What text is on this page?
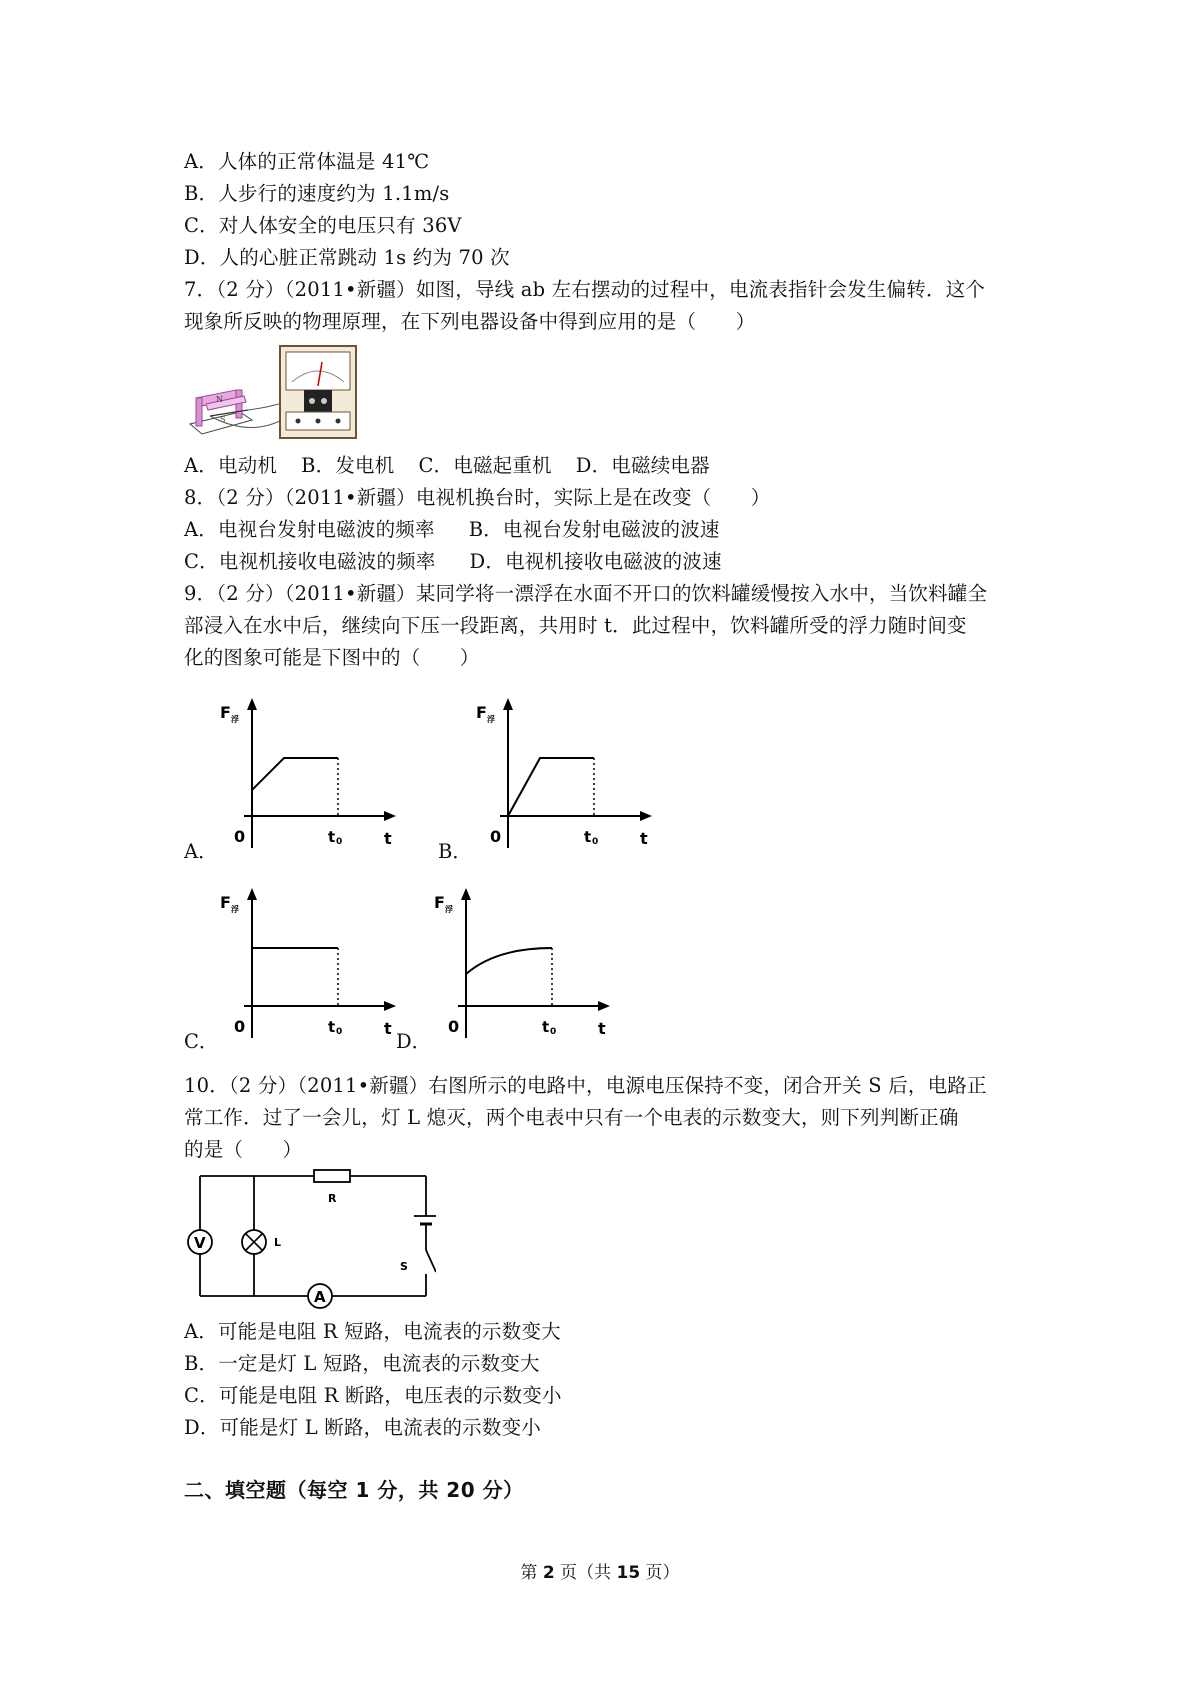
A．人体的正常体温是 41℃
B．人步行的速度约为 1.1m/s
C．对人体安全的电压只有 36V
D．人的心脏正常跳动 1s 约为 70 次
7．（2 分）（2011•新疆）如图，导线 ab 左右摆动的过程中，电流表指针会发生偏转．这个
现象所反映的物理原理，在下列电器设备中得到应用的是（　　）
N
S
A．电动机 B．发电机 C．电磁起重机 D．电磁续电器
8．（2 分）（2011•新疆）电视机换台时，实际上是在改变（　　）
A．电视台发射电磁波的频率 B．电视台发射电磁波的波速
C．电视机接收电磁波的频率 D．电视机接收电磁波的波速
9．（2 分）（2011•新疆）某同学将一漂浮在水面不开口的饮料罐缓慢按入水中，当饮料罐全
部浸入在水中后，继续向下压一段距离，共用时 t．此过程中，饮料罐所受的浮力随时间变
化的图象可能是下图中的（　　）
A．
F 浮
0	t 0	t
B．
F 浮
0	t 0	t
C．
F 浮
0	t 0	t
D．
F 浮
0	t 0	t
10．（2 分）（2011•新疆）右图所示的电路中，电源电压保持不变，闭合开关 S 后，电路正
常工作．过了一会儿，灯 L 熄灭，两个电表中只有一个电表的示数变大，则下列判断正确
的是（　　）
R
V	L
A
S
A．可能是电阻 R 短路，电流表的示数变大
B．一定是灯 L 短路，电流表的示数变大
C．可能是电阻 R 断路，电压表的示数变小
D．可能是灯 L 断路，电流表的示数变小
二、填空题（每空 1 分，共 20 分）
第 2 页（共 15 页）
